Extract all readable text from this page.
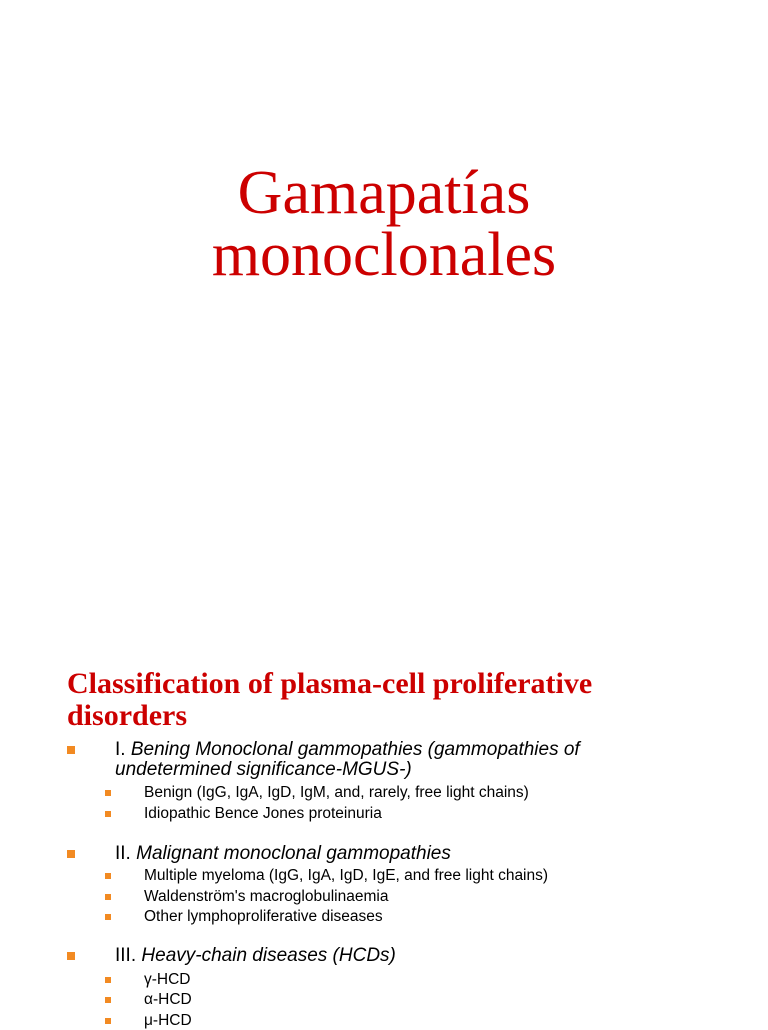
Gamapatías
monoclonales
Classification of plasma-cell proliferative
disorders
I. Bening Monoclonal gammopathies (gammopathies of undetermined significance-MGUS-)
Benign (IgG, IgA, IgD, IgM, and, rarely, free light chains)
Idiopathic Bence Jones proteinuria
II. Malignant monoclonal gammopathies
Multiple myeloma (IgG, IgA, IgD, IgE, and free light chains)
Waldenström's macroglobulinaemia
Other lymphoproliferative diseases
III. Heavy-chain diseases (HCDs)
γ-HCD
α-HCD
μ-HCD
